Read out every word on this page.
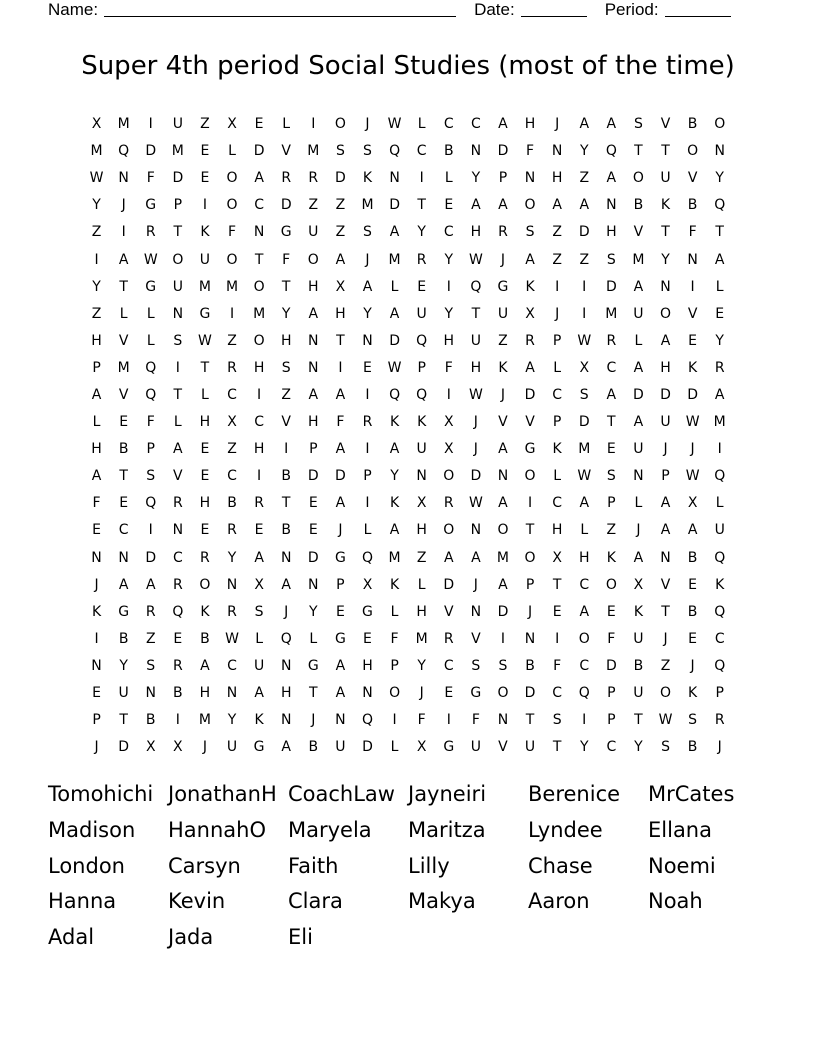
Name:	Date:	Period:
Super 4th period Social Studies (most of the time)
X	M	I	U	Z	X	E	L	I	O	J	W	L	C	C	A	H	J	A	A	S	V	B	O
M	Q	D	M	E	L	D	V	M	S	S	Q	C	B	N	D	F	N	Y	Q	T	T	O	N
W	N	F	D	E	O	A	R	R	D	K	N	I	L	Y	P	N	H	Z	A	O	U	V	Y
Y	J	G	P	I	O	C	D	Z	Z	M	D	T	E	A	A	O	A	A	N	B	K	B	Q
Z	I	R	T	K	F	N	G	U	Z	S	A	Y	C	H	R	S	Z	D	H	V	T	F	T
I	A	W	O	U	O	T	F	O	A	J	M	R	Y	W	J	A	Z	Z	S	M	Y	N	A
Y	T	G	U	M	M	O	T	H	X	A	L	E	I	Q	G	K	I	I	D	A	N	I	L
Z	L	L	N	G	I	M	Y	A	H	Y	A	U	Y	T	U	X	J	I	M	U	O	V	E
H	V	L	S	W	Z	O	H	N	T	N	D	Q	H	U	Z	R	P	W	R	L	A	E	Y
P	M	Q	I	T	R	H	S	N	I	E	W	P	F	H	K	A	L	X	C	A	H	K	R
A	V	Q	T	L	C	I	Z	A	A	I	Q	Q	I	W	J	D	C	S	A	D	D	D	A
L	E	F	L	H	X	C	V	H	F	R	K	K	X	J	V	V	P	D	T	A	U	W	M
H	B	P	A	E	Z	H	I	P	A	I	A	U	X	J	A	G	K	M	E	U	J	J	I
A	T	S	V	E	C	I	B	D	D	P	Y	N	O	D	N	O	L	W	S	N	P	W	Q
F	E	Q	R	H	B	R	T	E	A	I	K	X	R	W	A	I	C	A	P	L	A	X	L
E	C	I	N	E	R	E	B	E	J	L	A	H	O	N	O	T	H	L	Z	J	A	A	U
N	N	D	C	R	Y	A	N	D	G	Q	M	Z	A	A	M	O	X	H	K	A	N	B	Q
J	A	A	R	O	N	X	A	N	P	X	K	L	D	J	A	P	T	C	O	X	V	E	K
K	G	R	Q	K	R	S	J	Y	E	G	L	H	V	N	D	J	E	A	E	K	T	B	Q
I	B	Z	E	B	W	L	Q	L	G	E	F	M	R	V	I	N	I	O	F	U	J	E	C
N	Y	S	R	A	C	U	N	G	A	H	P	Y	C	S	S	B	F	C	D	B	Z	J	Q
E	U	N	B	H	N	A	H	T	A	N	O	J	E	G	O	D	C	Q	P	U	O	K	P
P	T	B	I	M	Y	K	N	J	N	Q	I	F	I	F	N	T	S	I	P	T	W	S	R
J	D	X	X	J	U	G	A	B	U	D	L	X	G	U	V	U	T	Y	C	Y	S	B	J
Tomohichi JonathanH CoachLaw Jayneiri	Berenice	MrCates
Madison	HannahO	Maryela	Maritza	Lyndee	Ellana
London	Carsyn	Faith	Lilly	Chase	Noemi
Hanna	Kevin	Clara	Makya	Aaron	Noah
Adal	Jada	Eli
